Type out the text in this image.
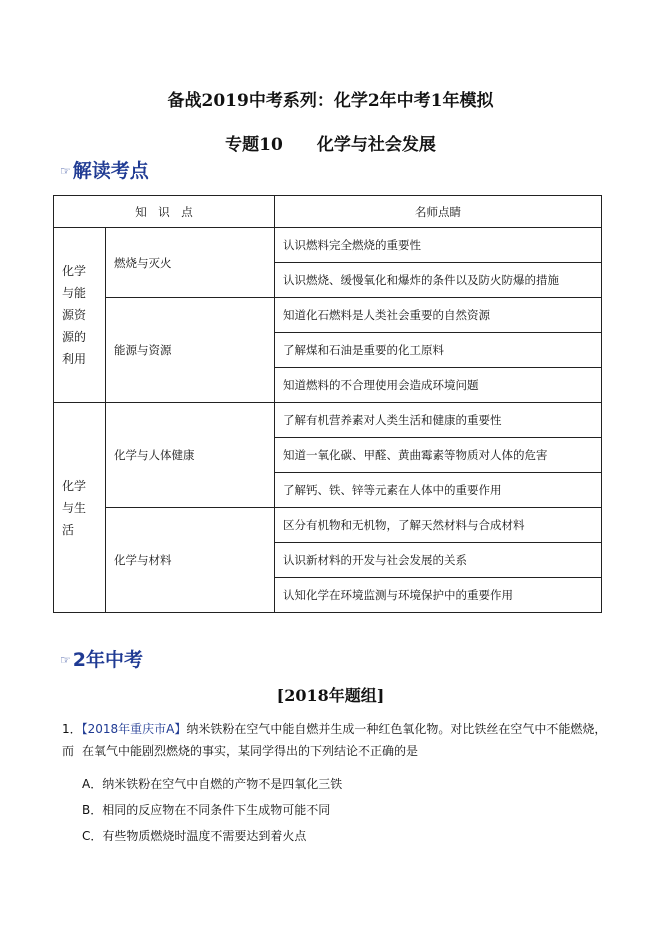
备战2019中考系列：化学2年中考1年模拟
专题10 化学与社会发展
☞ 解读考点
知　识　点		名师点睛
化学与能源资源的利用	燃烧与灭火	认识燃料完全燃烧的重要性
		认识燃烧、缓慢氧化和爆炸的条件以及防火防爆的措施
	能源与资源	知道化石燃料是人类社会重要的自然资源
		了解煤和石油是重要的化工原料
		知道燃料的不合理使用会造成环境问题
化学与生活	化学与人体健康	了解有机营养素对人类生活和健康的重要性
		知道一氧化碳、甲醛、黄曲霉素等物质对人体的危害
		了解钙、铁、锌等元素在人体中的重要作用
	化学与材料	区分有机物和无机物，了解天然材料与合成材料
		认识新材料的开发与社会发展的关系
		认知化学在环境监测与环境保护中的重要作用
☞ 2年中考
[2018年题组]
1．【2018年重庆市A】纳米铁粉在空气中能自燃并生成一种红色氧化物。对比铁丝在空气中不能燃烧，而 在氧气中能剧烈燃烧的事实，某同学得出的下列结论不正确的是
A．纳米铁粉在空气中自燃的产物不是四氧化三铁
B．相同的反应物在不同条件下生成物可能不同
C．有些物质燃烧时温度不需要达到着火点
